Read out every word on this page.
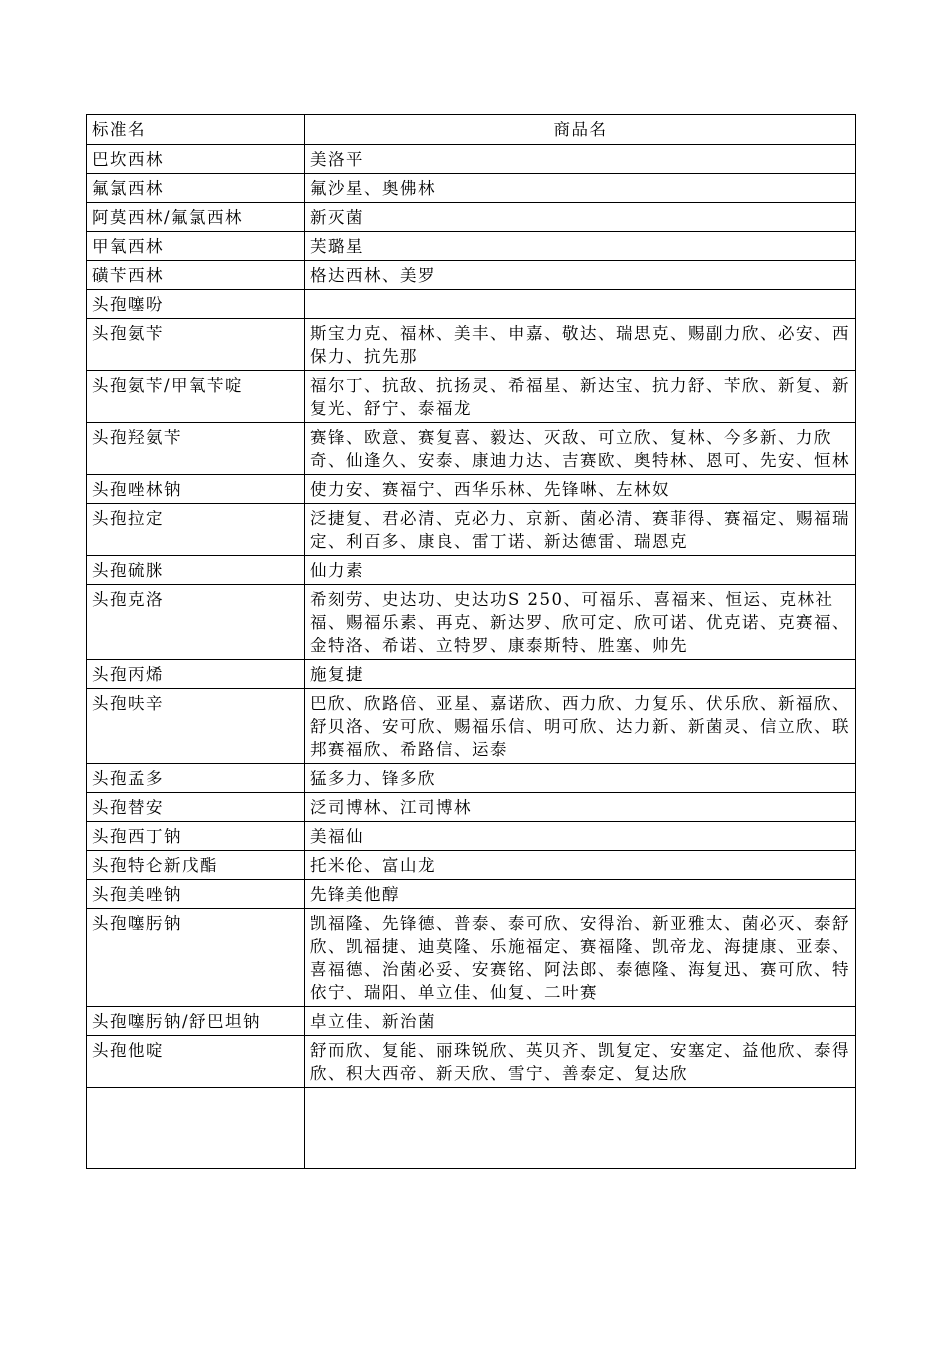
标准名	商品名
巴坎西林	美洛平
氟氯西林	氟沙星、奥佛林
阿莫西林/氟氯西林	新灭菌
甲氧西林	芙璐星
磺苄西林	格达西林、美罗
头孢噻吩	
头孢氨苄	斯宝力克、福林、美丰、申嘉、敬达、瑞思克、赐副力欣、必安、西保力、抗先那
头孢氨苄/甲氧苄啶	福尔丁、抗敌、抗扬灵、希福星、新达宝、抗力舒、苄欣、新复、新复光、舒宁、泰福龙
头孢羟氨苄	赛锋、欧意、赛复喜、毅达、灭敌、可立欣、复林、今多新、力欣奇、仙逢久、安泰、康迪力达、吉赛欧、奥特林、恩可、先安、恒林
头孢唑林钠	使力安、赛福宁、西华乐林、先锋啉、左林奴
头孢拉定	泛捷复、君必清、克必力、京新、菌必清、赛菲得、赛福定、赐福瑞定、利百多、康良、雷丁诺、新达德雷、瑞恩克
头孢硫脒	仙力素
头孢克洛	希刻劳、史达功、史达功S 250、可福乐、喜福来、恒运、克林社福、赐福乐素、再克、新达罗、欣可定、欣可诺、优克诺、克赛福、金特洛、希诺、立特罗、康泰斯特、胜塞、帅先
头孢丙烯	施复捷
头孢呋辛	巴欣、欣路倍、亚星、嘉诺欣、西力欣、力复乐、伏乐欣、新福欣、舒贝洛、安可欣、赐福乐信、明可欣、达力新、新菌灵、信立欣、联邦赛福欣、希路信、运泰
头孢孟多	猛多力、锋多欣
头孢替安	泛司博林、江司博林
头孢西丁钠	美福仙
头孢特仑新戊酯	托米伦、富山龙
头孢美唑钠	先锋美他醇
头孢噻肟钠	凯福隆、先锋德、普泰、泰可欣、安得治、新亚雅太、菌必灭、泰舒欣、凯福捷、迪莫隆、乐施福定、赛福隆、凯帝龙、海捷康、亚泰、喜福德、治菌必妥、安赛铭、阿法郎、泰德隆、海复迅、赛可欣、特依宁、瑞阳、单立佳、仙复、二叶赛
头孢噻肟钠/舒巴坦钠	卓立佳、新治菌
头孢他啶	舒而欣、复能、丽珠锐欣、英贝齐、凯复定、安塞定、益他欣、泰得欣、积大西帝、新天欣、雪宁、善泰定、复达欣
